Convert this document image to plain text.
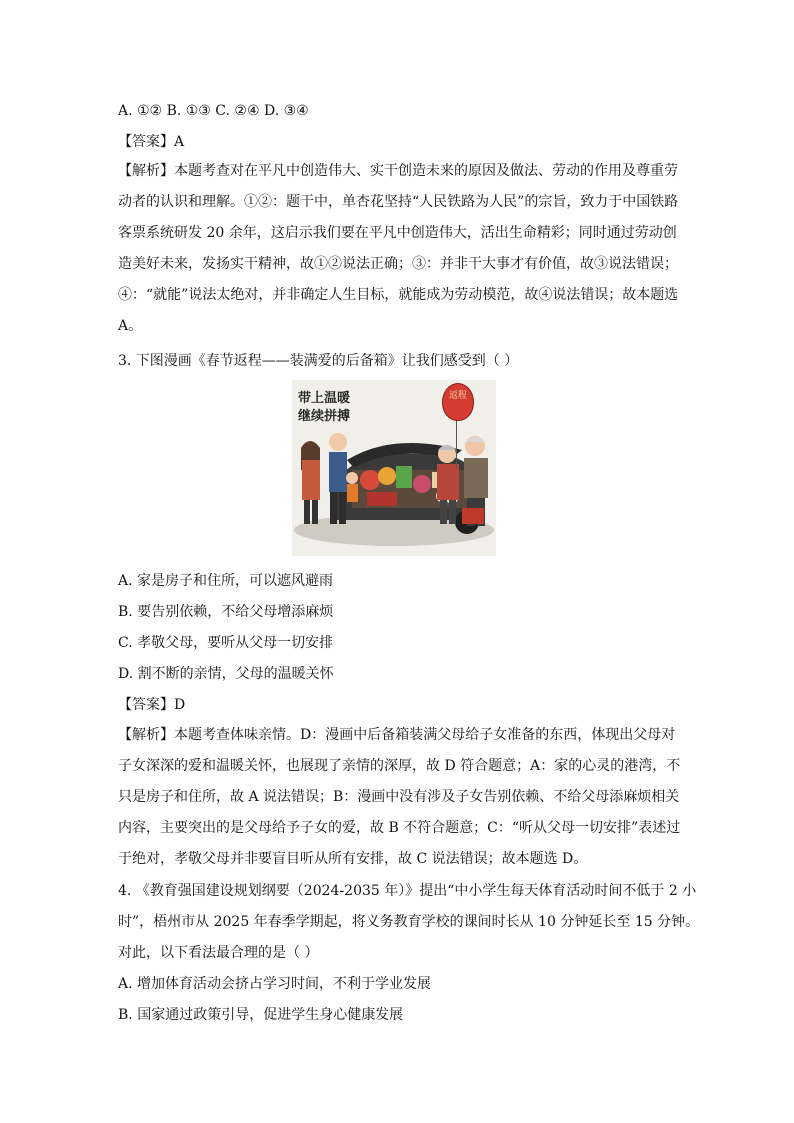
A. ①② B. ①③ C. ②④ D. ③④
【答案】A
【解析】本题考查对在平凡中创造伟大、实干创造未来的原因及做法、劳动的作用及尊重劳
动者的认识和理解。①②：题干中，单杏花坚持“人民铁路为人民”的宗旨，致力于中国铁路
客票系统研发 20 余年，这启示我们要在平凡中创造伟大，活出生命精彩；同时通过劳动创
造美好未来，发扬实干精神，故①②说法正确；③：并非干大事才有价值，故③说法错误；
④：“就能”说法太绝对，并非确定人生目标，就能成为劳动模范，故④说法错误；故本题选
A。
3. 下图漫画《春节返程——装满爱的后备箱》让我们感受到（ ）
带上温暖
继续拼搏
返程
A. 家是房子和住所，可以遮风避雨
B. 要告别依赖，不给父母增添麻烦
C. 孝敬父母，要听从父母一切安排
D. 割不断的亲情，父母的温暖关怀
【答案】D
【解析】本题考查体味亲情。D：漫画中后备箱装满父母给子女准备的东西，体现出父母对
子女深深的爱和温暖关怀，也展现了亲情的深厚，故 D 符合题意；A：家的心灵的港湾，不
只是房子和住所，故 A 说法错误；B：漫画中没有涉及子女告别依赖、不给父母添麻烦相关
内容，主要突出的是父母给予子女的爱，故 B 不符合题意；C：“听从父母一切安排”表述过
于绝对，孝敬父母并非要盲目听从所有安排，故 C 说法错误；故本题选 D。
4. 《教育强国建设规划纲要（2024-2035 年）》提出“中小学生每天体育活动时间不低于 2 小
时”，梧州市从 2025 年春季学期起，将义务教育学校的课间时长从 10 分钟延长至 15 分钟。
对此，以下看法最合理的是（ ）
A. 增加体育活动会挤占学习时间，不利于学业发展
B. 国家通过政策引导，促进学生身心健康发展
